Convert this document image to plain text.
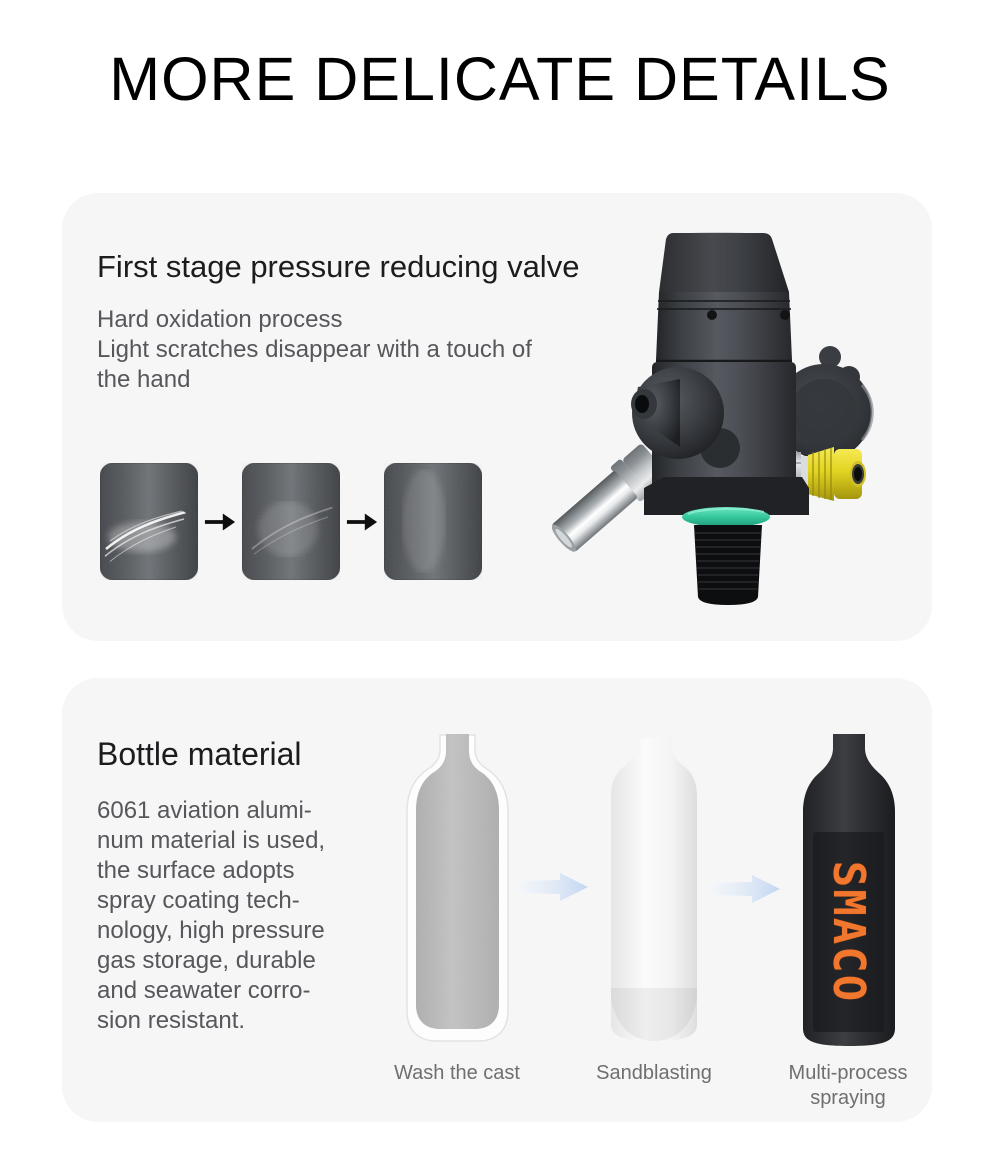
MORE DELICATE DETAILS
First stage pressure reducing valve
Hard oxidation process
Light scratches disappear with a touch of
the hand
Bottle material
6061 aviation alumi-
num material is used,
the surface adopts
spray coating tech-
nology, high pressure
gas storage, durable
and seawater corro-
sion resistant.
SMACO
Wash the cast	Sandblasting	Multi-process
spraying
